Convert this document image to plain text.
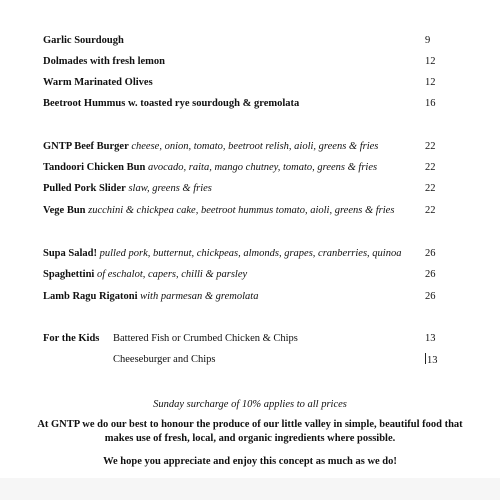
Garlic Sourdough	9
Dolmades with fresh lemon	12
Warm Marinated Olives	12
Beetroot Hummus w. toasted rye sourdough & gremolata	16
GNTP Beef Burger cheese, onion, tomato, beetroot relish, aioli, greens & fries	22
Tandoori Chicken Bun avocado, raita, mango chutney, tomato, greens & fries	22
Pulled Pork Slider slaw, greens & fries	22
Vege Bun zucchini & chickpea cake, beetroot hummus tomato, aioli, greens & fries	22
Supa Salad! pulled pork, butternut, chickpeas, almonds, grapes, cranberries, quinoa	26
Spaghettini of eschalot, capers, chilli & parsley	26
Lamb Ragu Rigatoni with parmesan & gremolata	26
For the Kids Battered Fish or Crumbed Chicken & Chips	13
Cheeseburger and Chips	13
Sunday surcharge of 10% applies to all prices
At GNTP we do our best to honour the produce of our little valley in simple, beautiful food that
makes use of fresh, local, and organic ingredients where possible.
We hope you appreciate and enjoy this concept as much as we do!
